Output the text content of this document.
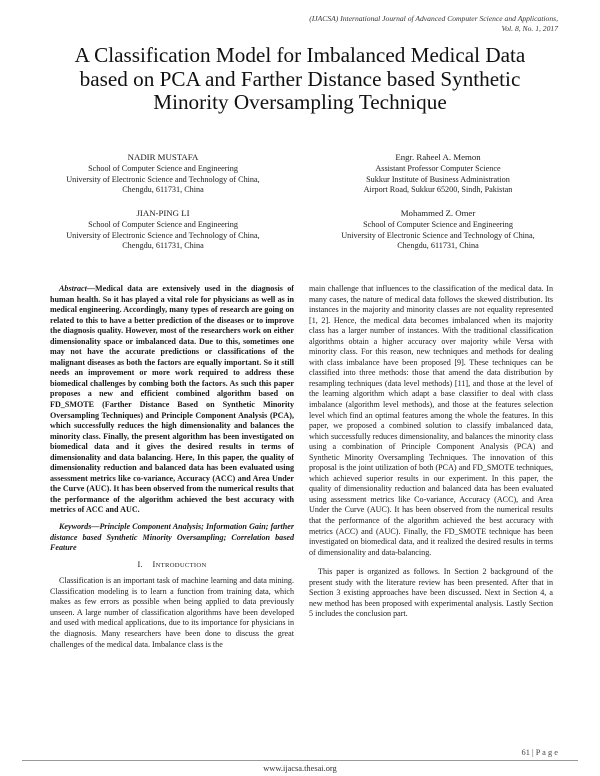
(IJACSA) International Journal of Advanced Computer Science and Applications,
Vol. 8, No. 1, 2017
A Classification Model for Imbalanced Medical Data
based on PCA and Farther Distance based Synthetic
Minority Oversampling Technique
NADIR MUSTAFA
School of Computer Science and Engineering
University of Electronic Science and Technology of China,
Chengdu, 611731, China
Engr. Raheel A. Memon
Assistant Professor Computer Science
Sukkur Institute of Business Administration
Airport Road, Sukkur 65200, Sindh, Pakistan
JIAN-PING LI
School of Computer Science and Engineering
University of Electronic Science and Technology of China,
Chengdu, 611731, China
Mohammed Z. Omer
School of Computer Science and Engineering
University of Electronic Science and Technology of China,
Chengdu, 611731, China

Abstract—Medical data are extensively used in the diagnosis of human health. So it has played a vital role for physicians as well as in medical engineering. Accordingly, many types of research are going on related to this to have a better prediction of the diseases or to improve the diagnosis quality. However, most of the researchers work on either dimensionality space or imbalanced data. Due to this, sometimes one may not have the accurate predictions or classifications of the malignant diseases as both the factors are equally important. So it still needs an improvement or more work required to address these biomedical challenges by combing both the factors. As such this paper proposes a new and efficient combined algorithm based on FD_SMOTE (Farther Distance Based on Synthetic Minority Oversampling Techniques) and Principle Component Analysis (PCA), which successfully reduces the high dimensionality and balances the minority class. Finally, the present algorithm has been investigated on biomedical data and it gives the desired results in terms of dimensionality and data balancing. Here, In this paper, the quality of dimensionality reduction and balanced data has been evaluated using assessment metrics like co-variance, Accuracy (ACC) and Area Under the Curve (AUC). It has been observed from the numerical results that the performance of the algorithm achieved the best accuracy with metrics of ACC and AUC.

Keywords—Principle Component Analysis; Information Gain; farther distance based Synthetic Minority Oversampling; Correlation based Feature

I. INTRODUCTION

Classification is an important task of machine learning and data mining. Classification modeling is to learn a function from training data, which makes as few errors as possible when being applied to data previously unseen. A large number of classification algorithms have been developed and used with medical applications, due to its importance for physicians in the diagnosis. Many researchers have been done to discuss the great challenges of the medical data. Imbalance class is the

main challenge that influences to the classification of the medical data. In many cases, the nature of medical data follows the skewed distribution. Its instances in the majority and minority classes are not equality represented [1, 2]. Hence, the medical data becomes imbalanced when its majority class has a larger number of instances. With the traditional classification algorithms obtain a higher accuracy over majority while Versa with minority class. For this reason, new techniques and methods for dealing with class imbalance have been proposed [9]. These techniques can be classified into three methods: those that amend the data distribution by resampling techniques (data level methods) [11], and those at the level of the learning algorithm which adapt a base classifier to deal with class imbalance (algorithm level methods), and those at the features selection level which find an optimal features among the whole the features. In this paper, we proposed a combined solution to classify imbalanced data, which successfully reduces dimensionality, and balances the minority class using a combination of Principle Component Analysis (PCA) and Synthetic Minority Oversampling Techniques. The innovation of this proposal is the joint utilization of both (PCA) and FD_SMOTE techniques, which achieved superior results in our experiment. In this paper, the quality of dimensionality reduction and balanced data has been evaluated using assessment metrics like Co-variance, Accuracy (ACC), and Area Under the Curve (AUC). It has been observed from the numerical results that the performance of the algorithm achieved the best accuracy with metrics (ACC) and (AUC). Finally, the FD_SMOTE technique has been investigated on biomedical data, and it realized the desired results in terms of dimensionality and data-balancing.

This paper is organized as follows. In Section 2 background of the present study with the literature review has been presented. After that in Section 3 existing approaches have been discussed. Next in Section 4, a new method has been proposed with experimental analysis. Lastly Section 5 includes the conclusion part.

61 | P a g e
www.ijacsa.thesai.org
